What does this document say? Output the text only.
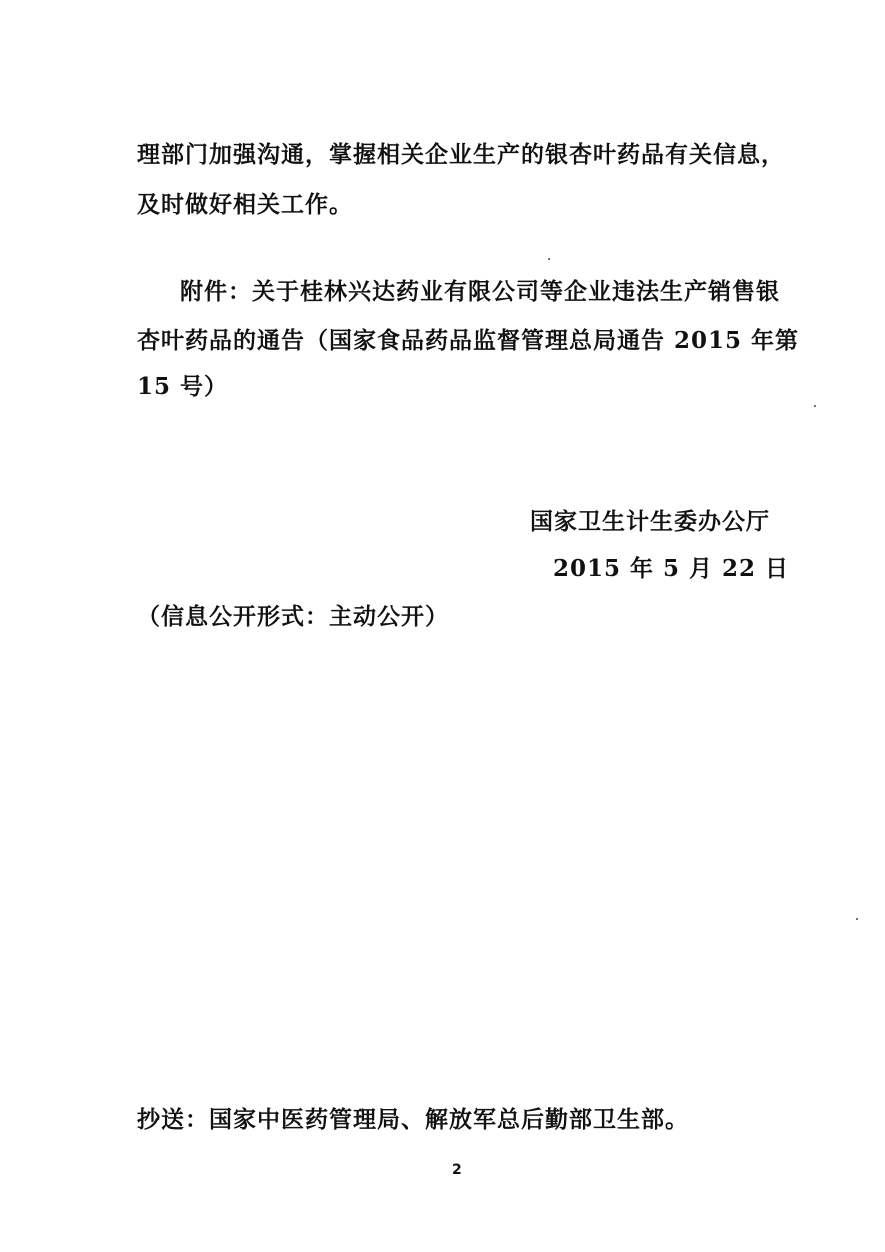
理部门加强沟通，掌握相关企业生产的银杏叶药品有关信息，
及时做好相关工作。
附件：关于桂林兴达药业有限公司等企业违法生产销售银
杏叶药品的通告（国家食品药品监督管理总局通告 2015 年第
15 号）
国家卫生计生委办公厅
2015 年 5 月 22 日
（信息公开形式：主动公开）
抄送：国家中医药管理局、解放军总后勤部卫生部。
2
